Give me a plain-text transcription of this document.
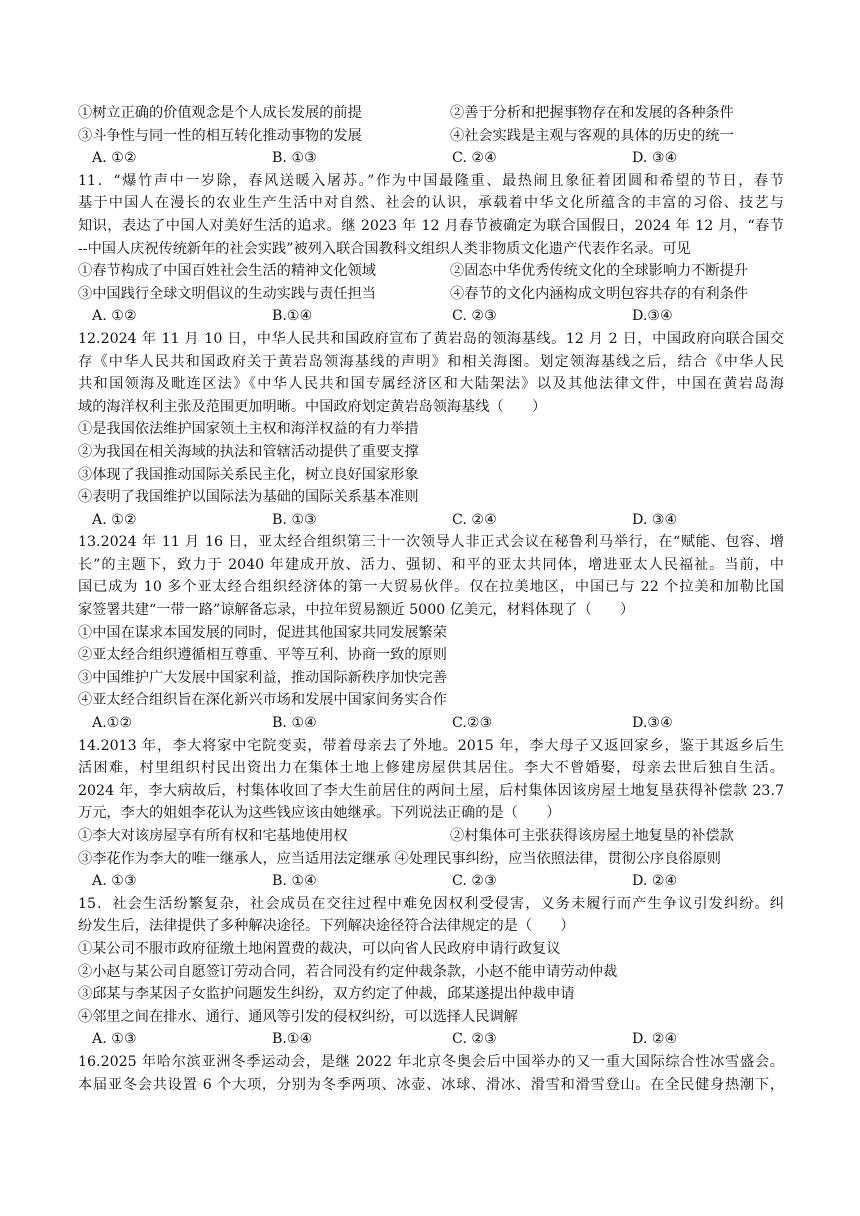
①树立正确的价值观念是个人成长发展的前提	②善于分析和把握事物存在和发展的各种条件
③斗争性与同一性的相互转化推动事物的发展	④社会实践是主观与客观的具体的历史的统一
A. ①②	B. ①③	C. ②④	D. ③④
11．“爆竹声中一岁除，春风送暖入屠苏。”作为中国最隆重、最热闹且象征着团圆和希望的节日，春节
基于中国人在漫长的农业生产生活中对自然、社会的认识，承载着中华文化所蕴含的丰富的习俗、技艺与
知识，表达了中国人对美好生活的追求。继 2023 年 12 月春节被确定为联合国假日，2024 年 12 月，“春节
--中国人庆祝传统新年的社会实践”被列入联合国教科文组织人类非物质文化遗产代表作名录。可见
①春节构成了中国百姓社会生活的精神文化领域	②固态中华优秀传统文化的全球影响力不断提升
③中国践行全球文明倡议的生动实践与责任担当	④春节的文化内涵构成文明包容共存的有利条件
A. ①②	B.①④	C. ②③	D.③④
12.2024 年 11 月 10 日，中华人民共和国政府宣布了黄岩岛的领海基线。12 月 2 日，中国政府向联合国交
存《中华人民共和国政府关于黄岩岛领海基线的声明》和相关海图。划定领海基线之后，结合《中华人民
共和国领海及毗连区法》《中华人民共和国专属经济区和大陆架法》以及其他法律文件，中国在黄岩岛海
域的海洋权利主张及范围更加明晰。中国政府划定黄岩岛领海基线（　　）
①是我国依法维护国家领土主权和海洋权益的有力举措
②为我国在相关海域的执法和管辖活动提供了重要支撑
③体现了我国推动国际关系民主化，树立良好国家形象
④表明了我国维护以国际法为基础的国际关系基本准则
A. ①②	B. ①③	C. ②④	D. ③④
13.2024 年 11 月 16 日，亚太经合组织第三十一次领导人非正式会议在秘鲁利马举行，在“赋能、包容、增
长”的主题下，致力于 2040 年建成开放、活力、强韧、和平的亚太共同体，增进亚太人民福祉。当前，中
国已成为 10 多个亚太经合组织经济体的第一大贸易伙伴。仅在拉美地区，中国已与 22 个拉美和加勒比国
家签署共建“一带一路”谅解备忘录，中拉年贸易额近 5000 亿美元，材料体现了（　　）
①中国在谋求本国发展的同时，促进其他国家共同发展繁荣
②亚太经合组织遵循相互尊重、平等互利、协商一致的原则
③中国维护广大发展中国家利益，推动国际新秩序加快完善
④亚太经合组织旨在深化新兴市场和发展中国家间务实合作
A.①②	B. ①④	C.②③	D.③④
14.2013 年，李大将家中宅院变卖，带着母亲去了外地。2015 年，李大母子又返回家乡，鉴于其返乡后生
活困难，村里组织村民出资出力在集体土地上修建房屋供其居住。李大不曾婚娶，母亲去世后独自生活。
2024 年，李大病故后，村集体收回了李大生前居住的两间土屋，后村集体因该房屋土地复垦获得补偿款 23.7
万元，李大的姐姐李花认为这些钱应该由她继承。下列说法正确的是（　　）
①李大对该房屋享有所有权和宅基地使用权	②村集体可主张获得该房屋土地复垦的补偿款
③李花作为李大的唯一继承人，应当适用法定继承 ④处理民事纠纷，应当依照法律，贯彻公序良俗原则
A. ①③	B. ①④	C. ②③	D. ②④
15．社会生活纷繁复杂，社会成员在交往过程中难免因权利受侵害，义务未履行而产生争议引发纠纷。纠
纷发生后，法律提供了多种解决途径。下列解决途径符合法律规定的是（　　）
①某公司不服市政府征缴土地闲置费的裁决，可以向省人民政府申请行政复议
②小赵与某公司自愿签订劳动合同，若合同没有约定仲裁条款，小赵不能申请劳动仲裁
③邱某与李某因子女监护问题发生纠纷，双方约定了仲裁，邱某遂提出仲裁申请
④邻里之间在排水、通行、通风等引发的侵权纠纷，可以选择人民调解
A. ①③	B.①④	C. ②③	D. ②④
16.2025 年哈尔滨亚洲冬季运动会，是继 2022 年北京冬奥会后中国举办的又一重大国际综合性冰雪盛会。
本届亚冬会共设置 6 个大项，分别为冬季两项、冰壶、冰球、滑冰、滑雪和滑雪登山。在全民健身热潮下，
